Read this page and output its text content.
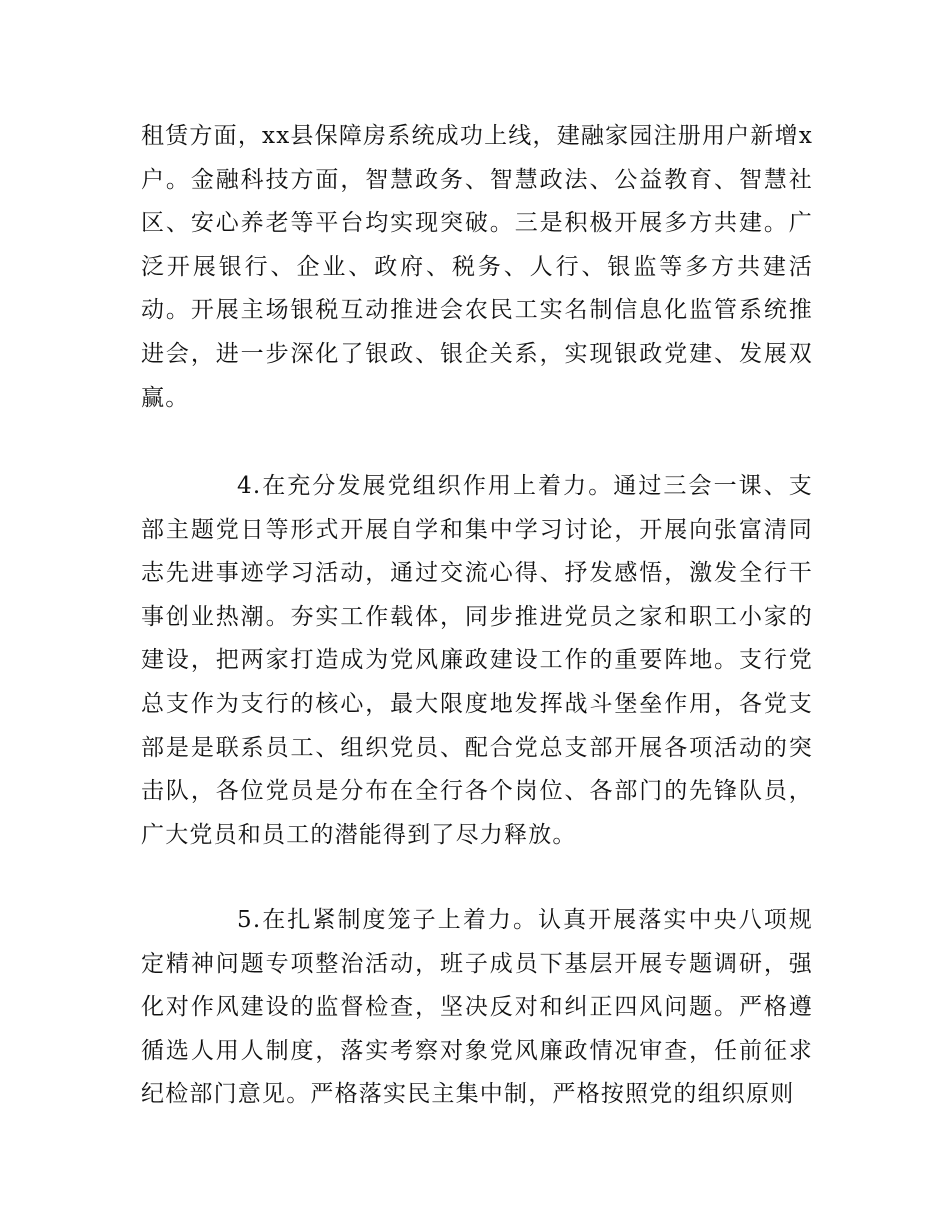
租赁方面，xx县保障房系统成功上线，建融家园注册用户新增x户。金融科技方面，智慧政务、智慧政法、公益教育、智慧社区、安心养老等平台均实现突破。三是积极开展多方共建。广泛开展银行、企业、政府、税务、人行、银监等多方共建活动。开展主场银税互动推进会农民工实名制信息化监管系统推进会，进一步深化了银政、银企关系，实现银政党建、发展双赢。

4.在充分发展党组织作用上着力。通过三会一课、支部主题党日等形式开展自学和集中学习讨论，开展向张富清同志先进事迹学习活动，通过交流心得、抒发感悟，激发全行干事创业热潮。夯实工作载体，同步推进党员之家和职工小家的建设，把两家打造成为党风廉政建设工作的重要阵地。支行党总支作为支行的核心，最大限度地发挥战斗堡垒作用，各党支部是是联系员工、组织党员、配合党总支部开展各项活动的突击队，各位党员是分布在全行各个岗位、各部门的先锋队员，广大党员和员工的潜能得到了尽力释放。

5.在扎紧制度笼子上着力。认真开展落实中央八项规定精神问题专项整治活动，班子成员下基层开展专题调研，强化对作风建设的监督检查，坚决反对和纠正四风问题。严格遵循选人用人制度，落实考察对象党风廉政情况审查，任前征求纪检部门意见。严格落实民主集中制，严格按照党的组织原则
